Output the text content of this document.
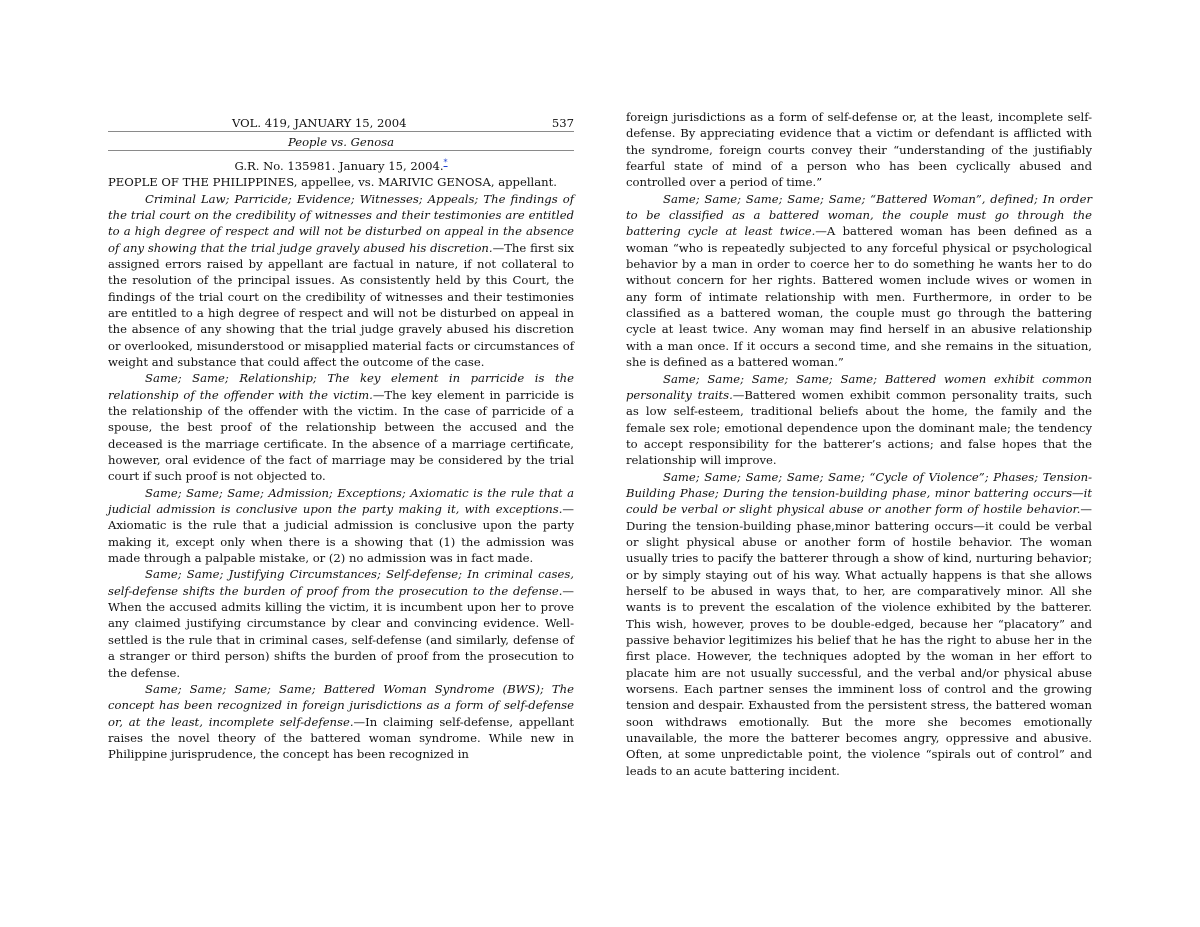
VOL. 419, JANUARY 15, 2004	537
People vs. Genosa
G.R. No. 135981. January 15, 2004.*

PEOPLE OF THE PHILIPPINES, appellee, vs. MARIVIC GENOSA, appellant.

Criminal Law; Parricide; Evidence; Witnesses; Appeals; The findings of the trial court on the credibility of witnesses and their testimonies are entitled to a high degree of respect and will not be disturbed on appeal in the absence of any showing that the trial judge gravely abused his discretion.—The first six assigned errors raised by appellant are factual in nature, if not collateral to the resolution of the principal issues. As consistently held by this Court, the findings of the trial court on the credibility of witnesses and their testimonies are entitled to a high degree of respect and will not be disturbed on appeal in the absence of any showing that the trial judge gravely abused his discretion or overlooked, misunderstood or misapplied material facts or circumstances of weight and substance that could affect the outcome of the case.

Same; Same; Relationship; The key element in parricide is the relationship of the offender with the victim.—The key element in parricide is the relationship of the offender with the victim. In the case of parricide of a spouse, the best proof of the relationship between the accused and the deceased is the marriage certificate. In the absence of a marriage certificate, however, oral evidence of the fact of marriage may be considered by the trial court if such proof is not objected to.

Same; Same; Same; Admission; Exceptions; Axiomatic is the rule that a judicial admission is conclusive upon the party making it, with exceptions.—Axiomatic is the rule that a judicial admission is conclusive upon the party making it, except only when there is a showing that (1) the admission was made through a palpable mistake, or (2) no admission was in fact made.

Same; Same; Justifying Circumstances; Self-defense; In criminal cases, self-defense shifts the burden of proof from the prosecution to the defense.—When the accused admits killing the victim, it is incumbent upon her to prove any claimed justifying circumstance by clear and convincing evidence. Well-settled is the rule that in criminal cases, self-defense (and similarly, defense of a stranger or third person) shifts the burden of proof from the prosecution to the defense.

Same; Same; Same; Same; Battered Woman Syndrome (BWS); The concept has been recognized in foreign jurisdictions as a form of self-defense or, at the least, incomplete self-defense.—In claiming self-defense, appellant raises the novel theory of the battered woman syndrome. While new in Philippine jurisprudence, the concept has been recognized in

foreign jurisdictions as a form of self-defense or, at the least, incomplete self-defense. By appreciating evidence that a victim or defendant is afflicted with the syndrome, foreign courts convey their “understanding of the justifiably fearful state of mind of a person who has been cyclically abused and controlled over a period of time.”

Same; Same; Same; Same; Same; “Battered Woman”, defined; In order to be classified as a battered woman, the couple must go through the battering cycle at least twice.—A battered woman has been defined as a woman “who is repeatedly subjected to any forceful physical or psychological behavior by a man in order to coerce her to do something he wants her to do without concern for her rights. Battered women include wives or women in any form of intimate relationship with men. Furthermore, in order to be classified as a battered woman, the couple must go through the battering cycle at least twice. Any woman may find herself in an abusive relationship with a man once. If it occurs a second time, and she remains in the situation, she is defined as a battered woman.”

Same; Same; Same; Same; Same; Battered women exhibit common personality traits.—Battered women exhibit common personality traits, such as low self-esteem, traditional beliefs about the home, the family and the female sex role; emotional dependence upon the dominant male; the tendency to accept responsibility for the batterer’s actions; and false hopes that the relationship will improve.

Same; Same; Same; Same; Same; “Cycle of Violence”; Phases; Tension-Building Phase; During the tension-building phase, minor battering occurs—it could be verbal or slight physical abuse or another form of hostile behavior.—During the tension-building phase,minor battering occurs—it could be verbal or slight physical abuse or another form of hostile behavior. The woman usually tries to pacify the batterer through a show of kind, nurturing behavior; or by simply staying out of his way. What actually happens is that she allows herself to be abused in ways that, to her, are comparatively minor. All she wants is to prevent the escalation of the violence exhibited by the batterer. This wish, however, proves to be double-edged, because her “placatory” and passive behavior legitimizes his belief that he has the right to abuse her in the first place. However, the techniques adopted by the woman in her effort to placate him are not usually successful, and the verbal and/or physical abuse worsens. Each partner senses the imminent loss of control and the growing tension and despair. Exhausted from the persistent stress, the battered woman soon withdraws emotionally. But the more she becomes emotionally unavailable, the more the batterer becomes angry, oppressive and abusive. Often, at some unpredictable point, the violence “spirals out of control” and leads to an acute battering incident.
